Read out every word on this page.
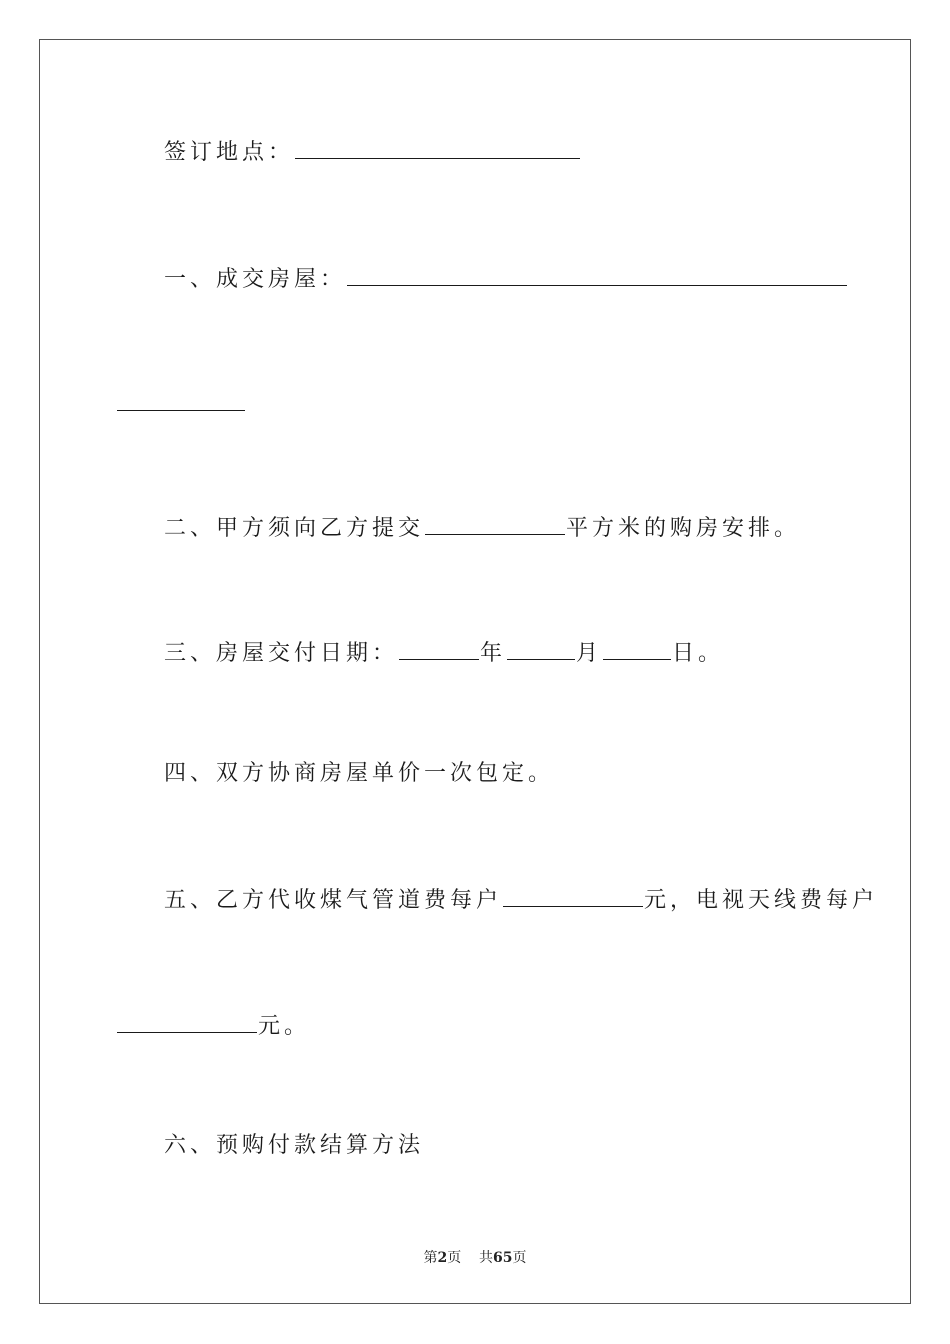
签订地点：
一、成交房屋：
二、甲方须向乙方提交	平方米的购房安排。
三、房屋交付日期：	年	月	日。
四、双方协商房屋单价一次包定。
五、乙方代收煤气管道费每户	元，电视天线费每户
元。
六、预购付款结算方法
第2页 共65页
